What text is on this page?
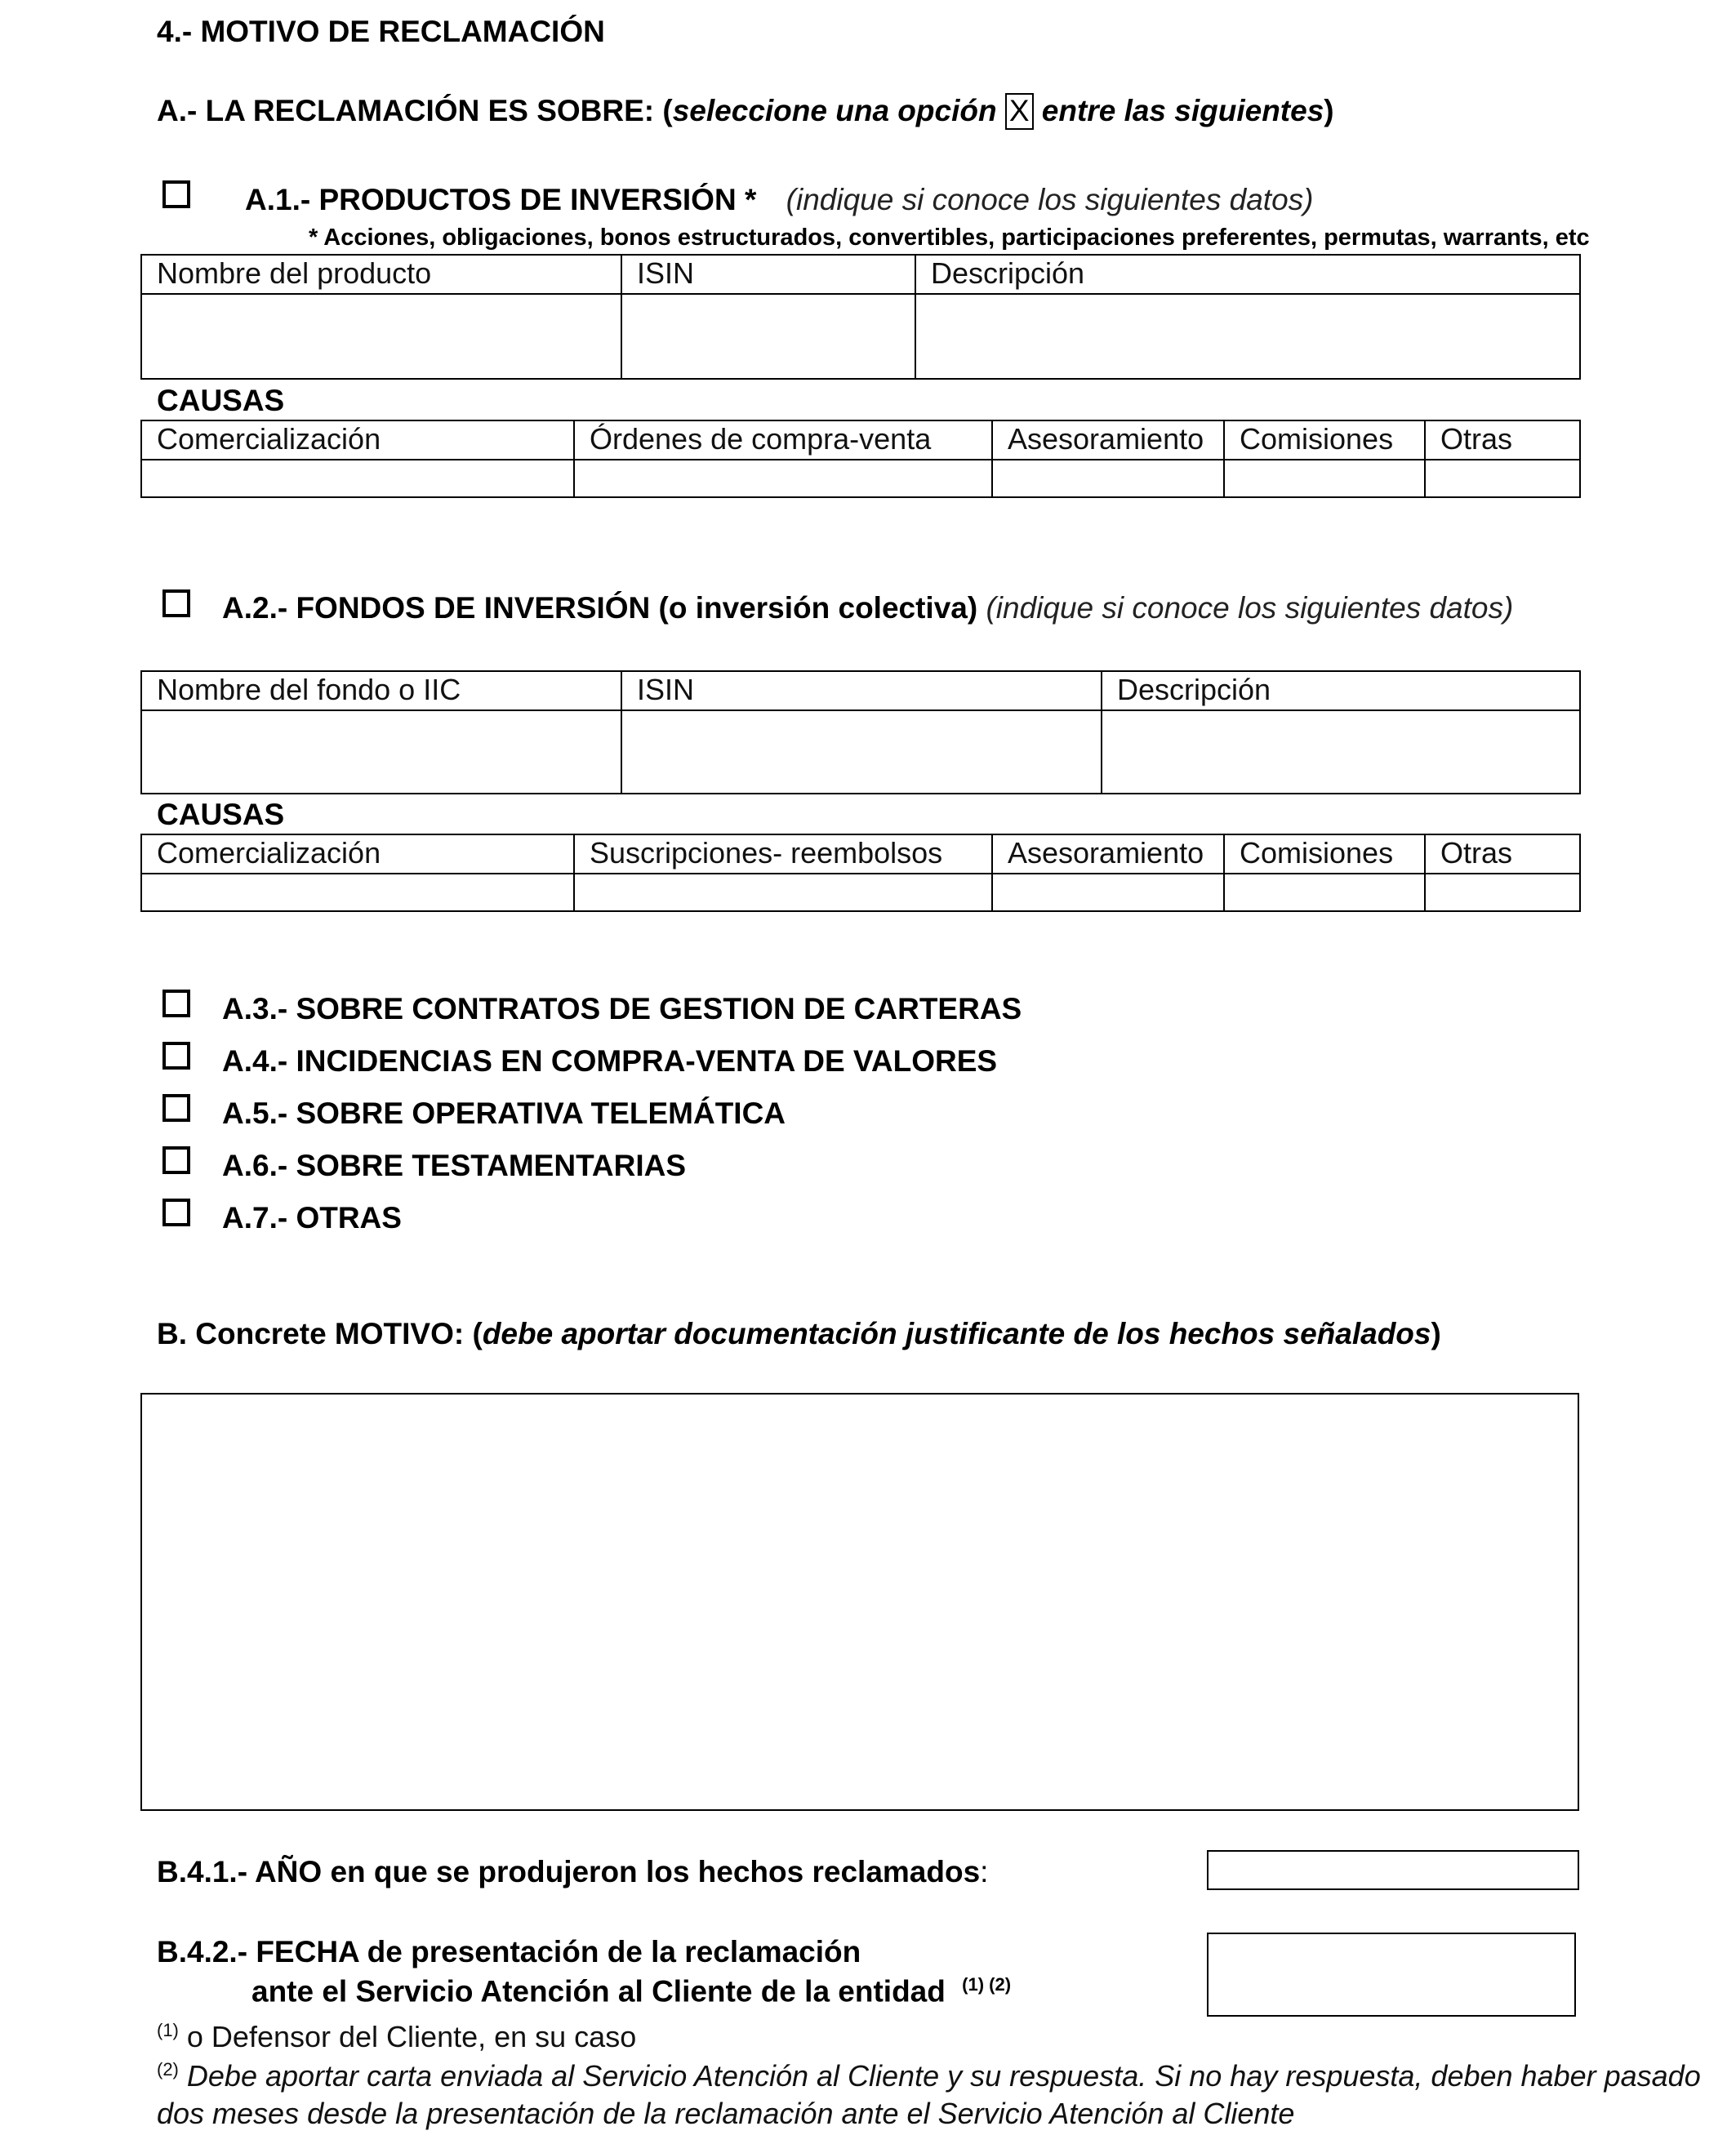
4.- MOTIVO DE RECLAMACIÓN
A.- LA RECLAMACIÓN ES SOBRE: (seleccione una opción X entre las siguientes)
A.1.- PRODUCTOS DE INVERSIÓN * (indique si conoce los siguientes datos)
* Acciones, obligaciones, bonos estructurados, convertibles, participaciones preferentes, permutas, warrants, etc
Nombre del producto	ISIN	Descripción

CAUSAS
Comercialización	Órdenes de compra-venta	Asesoramiento	Comisiones	Otras

A.2.- FONDOS DE INVERSIÓN (o inversión colectiva) (indique si conoce los siguientes datos)
Nombre del fondo o IIC	ISIN	Descripción

CAUSAS
Comercialización	Suscripciones- reembolsos	Asesoramiento	Comisiones	Otras

A.3.- SOBRE CONTRATOS DE GESTION DE CARTERAS
A.4.- INCIDENCIAS EN COMPRA-VENTA DE VALORES
A.5.- SOBRE OPERATIVA TELEMÁTICA
A.6.- SOBRE TESTAMENTARIAS
A.7.- OTRAS
B. Concrete MOTIVO: (debe aportar documentación justificante de los hechos señalados)
B.4.1.- AÑO en que se produjeron los hechos reclamados:
B.4.2.- FECHA de presentación de la reclamación
ante el Servicio Atención al Cliente de la entidad $^{(1) (2)}$
$^{(1)}$ o Defensor del Cliente, en su caso
$^{(2)}$ Debe aportar carta enviada al Servicio Atención al Cliente y su respuesta. Si no hay respuesta, deben haber pasado
dos meses desde la presentación de la reclamación ante el Servicio Atención al Cliente
